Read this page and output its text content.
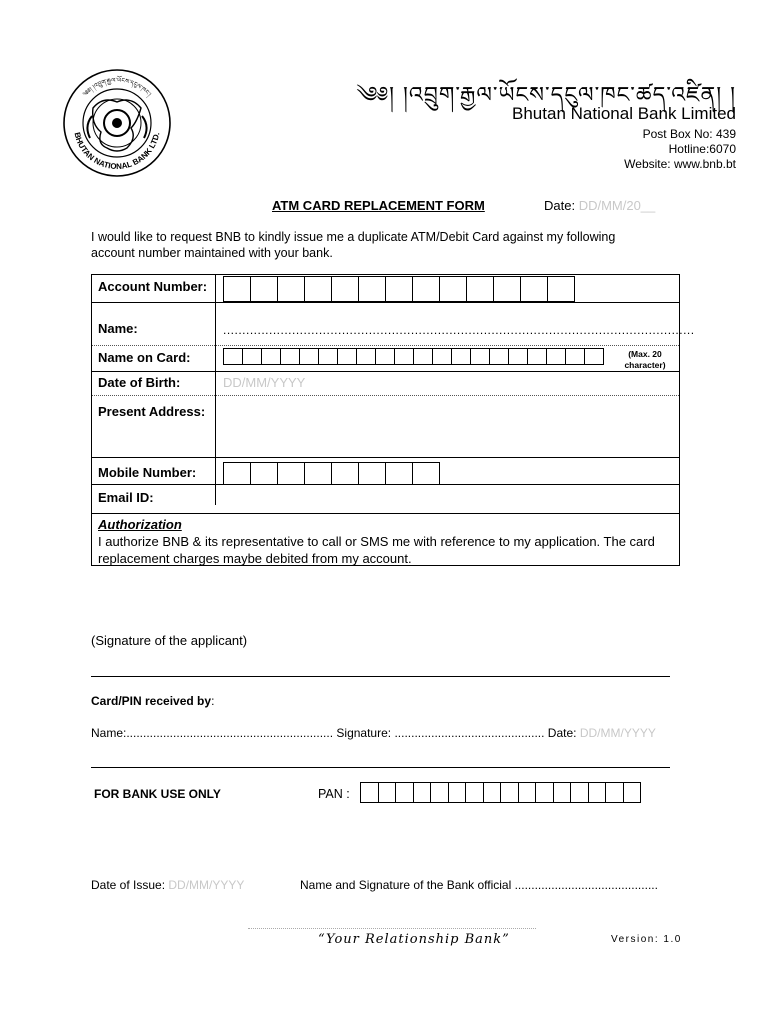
BHUTAN NATIONAL BANK LTD.
༄༅། །འབྲུག་རྒྱལ་ཡོངས་དངུལ་ཁང་།	༄༅། །འབྲུག་རྒྱལ་ཡོངས་དངུལ་ཁང་ཚད་འཛིན། །
Bhutan National Bank Limited
Post Box No: 439
Hotline:6070
Website: www.bnb.bt
ATM CARD REPLACEMENT FORM	Date: DD/MM/20__
I would like to request BNB to kindly issue me a duplicate ATM/Debit Card against my following account number maintained with your bank.
Account Number:
Name:	...........................................................................................................................
Name on Card:	(Max. 20
character)
Date of Birth:	DD/MM/YYYY
Present Address:
Mobile Number:
Email ID:
Authorization
I authorize BNB & its representative to call or SMS me with reference to my application. The card replacement charges maybe debited from my account.
(Signature of the applicant)
Card/PIN received by:
Name:.............................................................. Signature: ............................................. Date: DD/MM/YYYY
FOR BANK USE ONLY	PAN :
Date of Issue: DD/MM/YYYY	Name and Signature of the Bank official ...........................................
“Your Relationship Bank”	Version: 1.0
